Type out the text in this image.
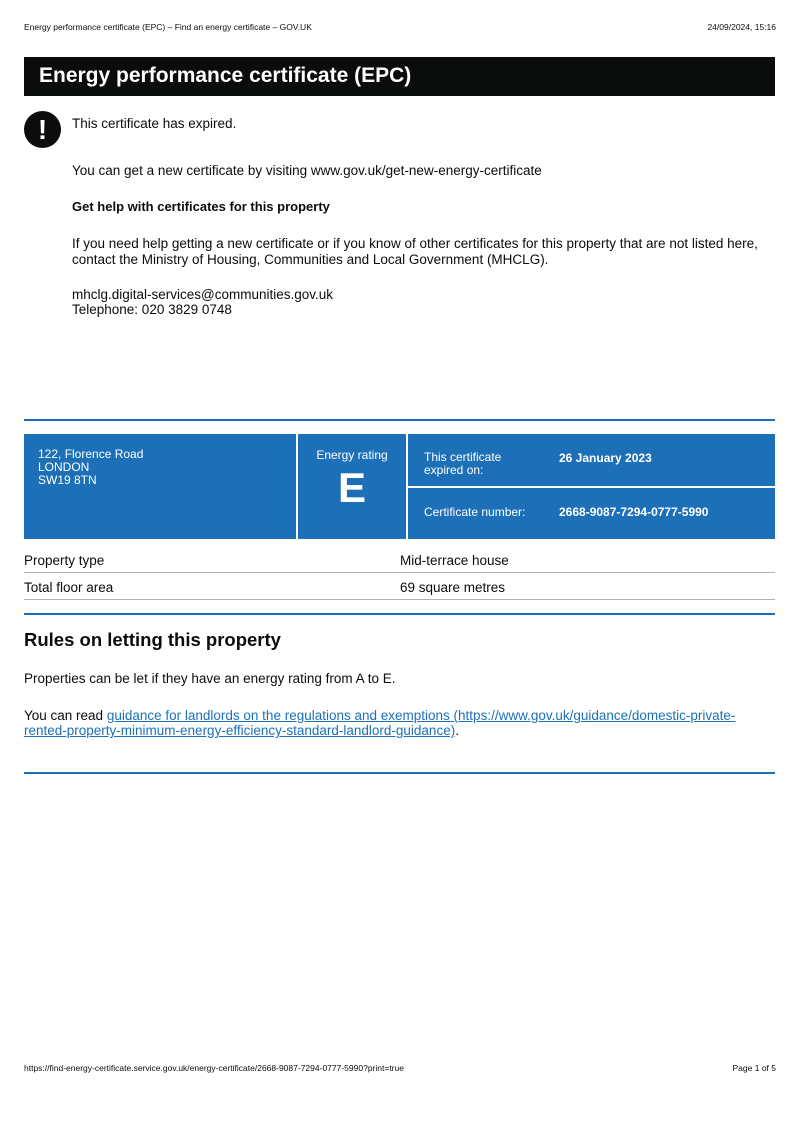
Energy performance certificate (EPC) – Find an energy certificate – GOV.UK	24/09/2024, 15:16
Energy performance certificate (EPC)
!	This certificate has expired.

You can get a new certificate by visiting www.gov.uk/get-new-energy-certificate

Get help with certificates for this property

If you need help getting a new certificate or if you know of other certificates for this property that are not listed here, contact the Ministry of Housing, Communities and Local Government (MHCLG).

mhclg.digital-services@communities.gov.uk

Telephone: 020 3829 0748

122, Florence Road
LONDON
SW19 8TN
Energy rating
E
This certificate expired on:
26 January 2023
Certificate number:	2668-9087-7294-0777-5990
Property type	Mid-terrace house
Total floor area	69 square metres
Rules on letting this property

Properties can be let if they have an energy rating from A to E.

You can read guidance for landlords on the regulations and exemptions (https://www.gov.uk/guidance/domestic-private-rented-property-minimum-energy-efficiency-standard-landlord-guidance).

https://find-energy-certificate.service.gov.uk/energy-certificate/2668-9087-7294-0777-5990?print=true	Page 1 of 5
